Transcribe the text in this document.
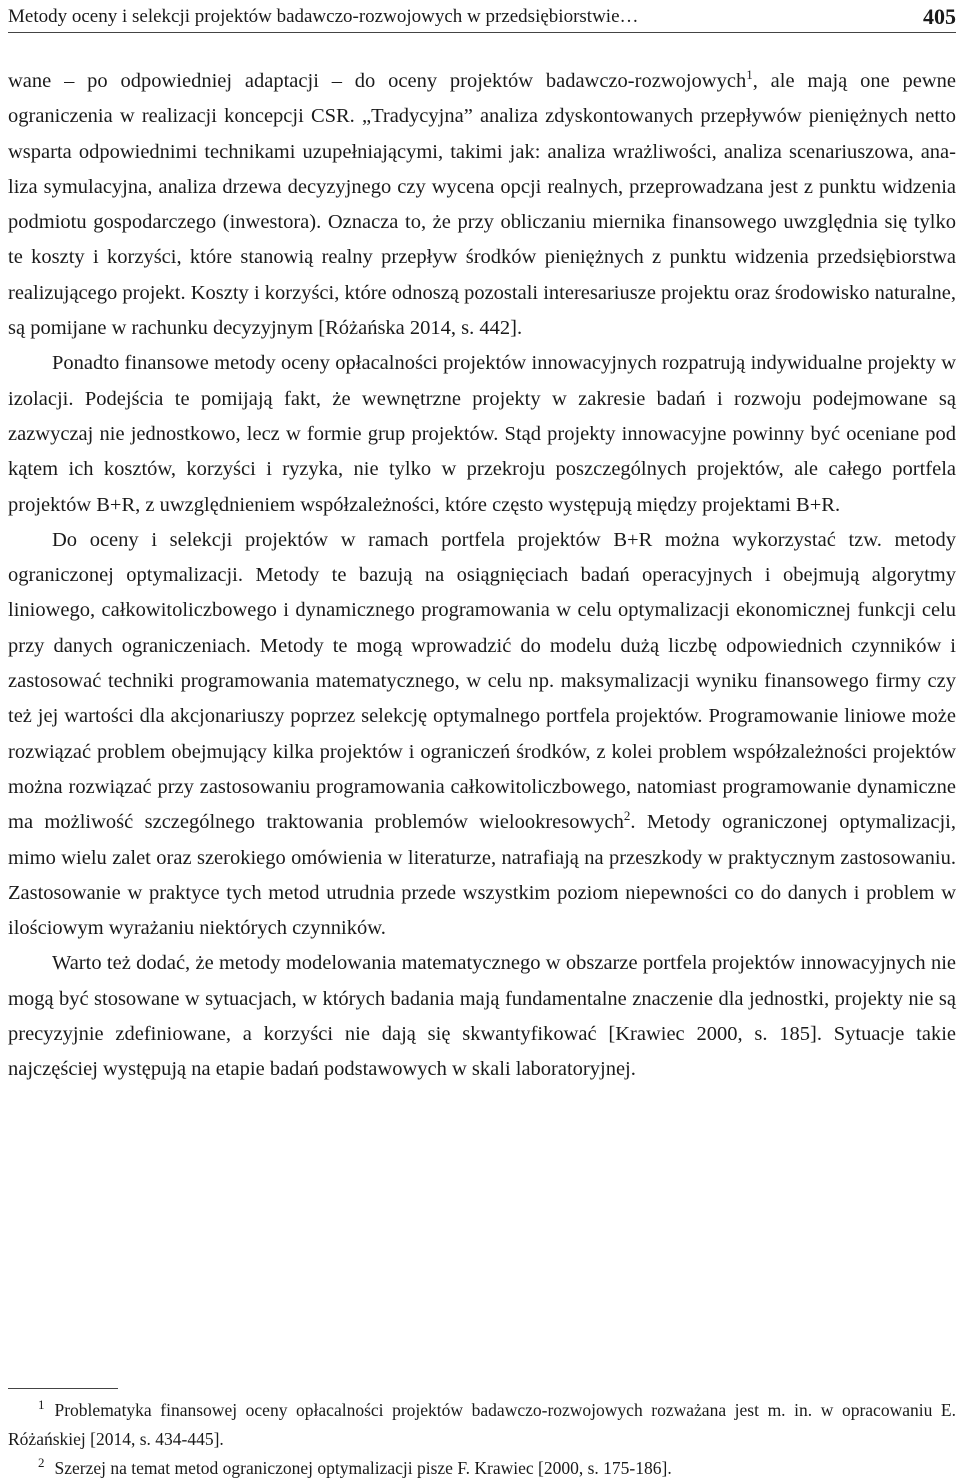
Metody oceny i selekcji projektów badawczo-rozwojowych w przedsiębiorstwie…	405

wane – po odpowiedniej adaptacji – do oceny projektów badawczo-rozwojowych$^1$, ale mają one pewne ograniczenia w realizacji koncepcji CSR. „Tradycyjna” analiza zdyskontowanych przepływów pieniężnych netto wsparta odpowiednimi technikami uzupełniającymi, takimi jak: analiza wrażliwości, analiza scenariuszowa, analiza symulacyjna, analiza drzewa decyzyjnego czy wycena opcji realnych, przeprowadzana jest z punktu widzenia podmiotu gospodarczego (inwestora). Oznacza to, że przy obliczaniu miernika finansowego uwzględnia się tylko te koszty i korzyści, które stanowią realny przepływ środków pieniężnych z punktu widzenia przedsiębiorstwa realizującego projekt. Koszty i korzyści, które odnoszą pozostali interesariusze projektu oraz środowisko naturalne, są pomijane w rachunku decyzyjnym [Różańska 2014, s. 442].

Ponadto finansowe metody oceny opłacalności projektów innowacyjnych rozpatrują indywidualne projekty w izolacji. Podejścia te pomijają fakt, że wewnętrzne projekty w zakresie badań i rozwoju podejmowane są zazwyczaj nie jednostkowo, lecz w formie grup projektów. Stąd projekty innowacyjne powinny być oceniane pod kątem ich kosztów, korzyści i ryzyka, nie tylko w przekroju poszczególnych projektów, ale całego portfela projektów B+R, z uwzględnieniem współzależności, które często występują między projektami B+R.

Do oceny i selekcji projektów w ramach portfela projektów B+R można wykorzystać tzw. metody ograniczonej optymalizacji. Metody te bazują na osiągnięciach badań operacyjnych i obejmują algorytmy liniowego, całkowitoliczbowego i dynamicznego programowania w celu optymalizacji ekonomicznej funkcji celu przy danych ograniczeniach. Metody te mogą wprowadzić do modelu dużą liczbę odpowiednich czynników i zastosować techniki programowania matematycznego, w celu np. maksymalizacji wyniku finansowego firmy czy też jej wartości dla akcjonariuszy poprzez selekcję optymalnego portfela projektów. Programowanie liniowe może rozwiązać problem obejmujący kilka projektów i ograniczeń środków, z kolei problem współzależności projektów można rozwiązać przy zastosowaniu programowania całkowitoliczbowego, natomiast programowanie dynamiczne ma możliwość szczególnego traktowania problemów wielookresowych$^2$. Metody ograniczonej optymalizacji, mimo wielu zalet oraz szerokiego omówienia w literaturze, natrafiają na przeszkody w praktycznym zastosowaniu. Zastosowanie w praktyce tych metod utrudnia przede wszystkim poziom niepewności co do danych i problem w ilościowym wyrażaniu niektórych czynników.

Warto też dodać, że metody modelowania matematycznego w obszarze portfela projektów innowacyjnych nie mogą być stosowane w sytuacjach, w których badania mają fundamentalne znaczenie dla jednostki, projekty nie są precyzyjnie zdefiniowane, a korzyści nie dają się skwantyfikować [Krawiec 2000, s. 185]. Sytuacje takie najczęściej występują na etapie badań podstawowych w skali laboratoryjnej.

$^1$ Problematyka finansowej oceny opłacalności projektów badawczo-rozwojowych rozważana jest m. in. w opracowaniu E. Różańskiej [2014, s. 434-445].

$^2$ Szerzej na temat metod ograniczonej optymalizacji pisze F. Krawiec [2000, s. 175-186].
